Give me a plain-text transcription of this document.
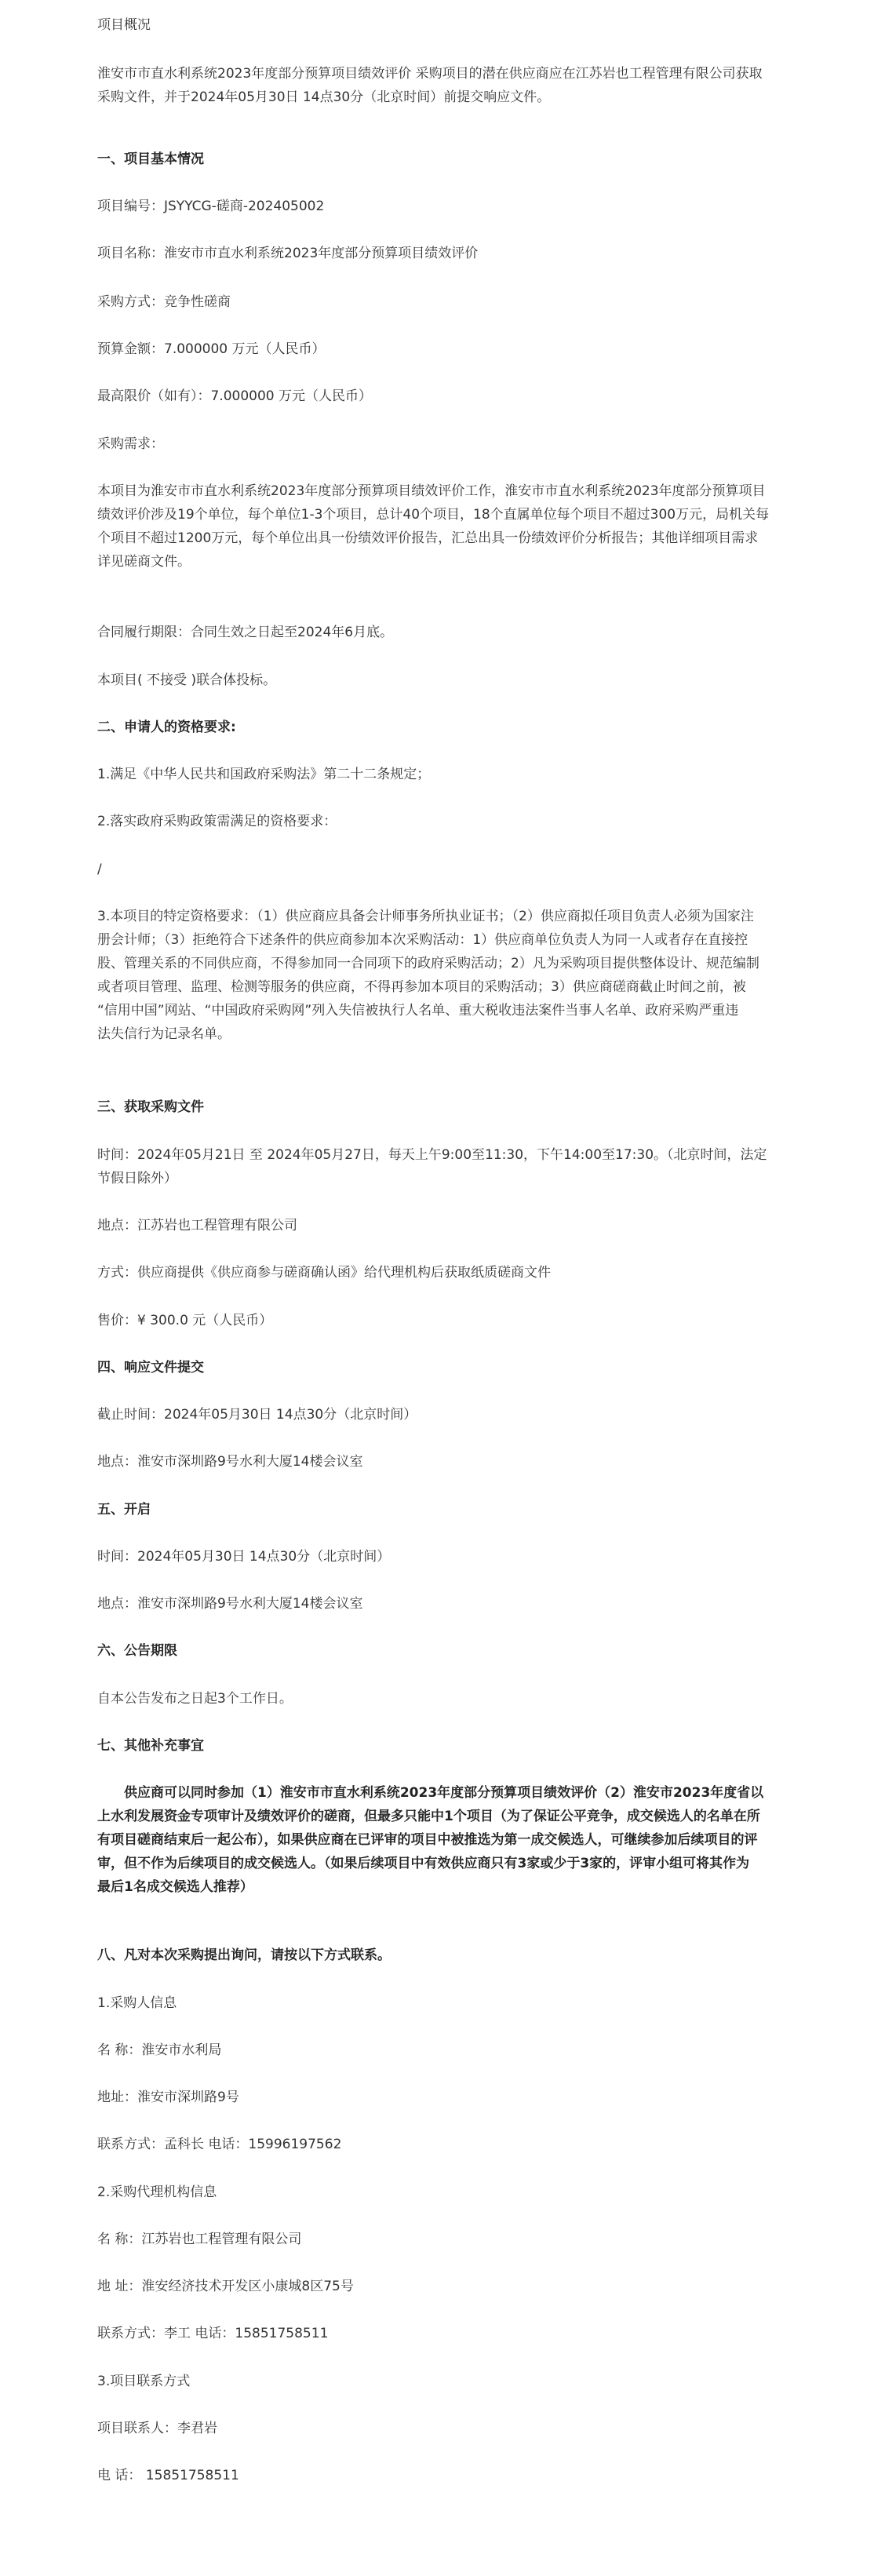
项目概况

淮安市市直水利系统2023年度部分预算项目绩效评价 采购项目的潜在供应商应在江苏岩也工程管理有限公司获取
采购文件，并于2024年05月30日 14点30分（北京时间）前提交响应文件。

一、项目基本情况

项目编号：JSYYCG-磋商-202405002

项目名称：淮安市市直水利系统2023年度部分预算项目绩效评价

采购方式：竞争性磋商

预算金额：7.000000 万元（人民币）

最高限价（如有）：7.000000 万元（人民币）

采购需求：

本项目为淮安市市直水利系统2023年度部分预算项目绩效评价工作，淮安市市直水利系统2023年度部分预算项目
绩效评价涉及19个单位，每个单位1-3个项目，总计40个项目，18个直属单位每个项目不超过300万元，局机关每
个项目不超过1200万元，每个单位出具一份绩效评价报告，汇总出具一份绩效评价分析报告；其他详细项目需求
详见磋商文件。

合同履行期限：合同生效之日起至2024年6月底。

本项目( 不接受 )联合体投标。

二、申请人的资格要求:

1.满足《中华人民共和国政府采购法》第二十二条规定；

2.落实政府采购政策需满足的资格要求：

/

3.本项目的特定资格要求：（1）供应商应具备会计师事务所执业证书；（2）供应商拟任项目负责人必须为国家注
册会计师；（3）拒绝符合下述条件的供应商参加本次采购活动：1）供应商单位负责人为同一人或者存在直接控
股、管理关系的不同供应商，不得参加同一合同项下的政府采购活动；2）凡为采购项目提供整体设计、规范编制
或者项目管理、监理、检测等服务的供应商，不得再参加本项目的采购活动；3）供应商磋商截止时间之前，被
“信用中国”网站、“中国政府采购网”列入失信被执行人名单、重大税收违法案件当事人名单、政府采购严重违
法失信行为记录名单。

三、获取采购文件

时间：2024年05月21日 至 2024年05月27日，每天上午9:00至11:30，下午14:00至17:30。（北京时间，法定
节假日除外）

地点：江苏岩也工程管理有限公司

方式：供应商提供《供应商参与磋商确认函》给代理机构后获取纸质磋商文件

售价：¥ 300.0 元（人民币）

四、响应文件提交

截止时间：2024年05月30日 14点30分（北京时间）

地点：淮安市深圳路9号水利大厦14楼会议室

五、开启

时间：2024年05月30日 14点30分（北京时间）

地点：淮安市深圳路9号水利大厦14楼会议室

六、公告期限

自本公告发布之日起3个工作日。

七、其他补充事宜

供应商可以同时参加（1）淮安市市直水利系统2023年度部分预算项目绩效评价（2）淮安市2023年度省以
上水利发展资金专项审计及绩效评价的磋商，但最多只能中1个项目（为了保证公平竞争，成交候选人的名单在所
有项目磋商结束后一起公布），如果供应商在已评审的项目中被推选为第一成交候选人，可继续参加后续项目的评
审，但不作为后续项目的成交候选人。（如果后续项目中有效供应商只有3家或少于3家的，评审小组可将其作为
最后1名成交候选人推荐）

八、凡对本次采购提出询问，请按以下方式联系。

1.采购人信息

名 称：淮安市水利局

地址：淮安市深圳路9号

联系方式：孟科长 电话：15996197562

2.采购代理机构信息

名 称：江苏岩也工程管理有限公司

地 址：淮安经济技术开发区小康城8区75号

联系方式：李工 电话：15851758511

3.项目联系方式

项目联系人：李君岩

电 话： 15851758511
